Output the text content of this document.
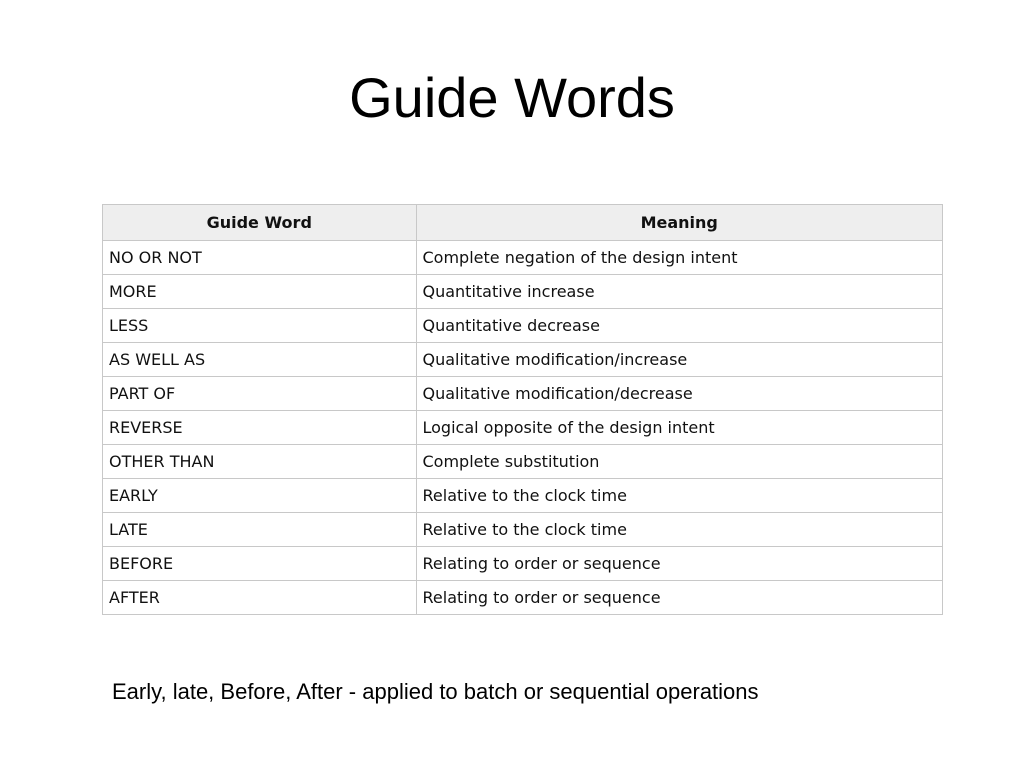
Guide Words
Guide Word	Meaning
NO OR NOT	Complete negation of the design intent
MORE	Quantitative increase
LESS	Quantitative decrease
AS WELL AS	Qualitative modification/increase
PART OF	Qualitative modification/decrease
REVERSE	Logical opposite of the design intent
OTHER THAN	Complete substitution
EARLY	Relative to the clock time
LATE	Relative to the clock time
BEFORE	Relating to order or sequence
AFTER	Relating to order or sequence

Early, late, Before, After - applied to batch or sequential operations
